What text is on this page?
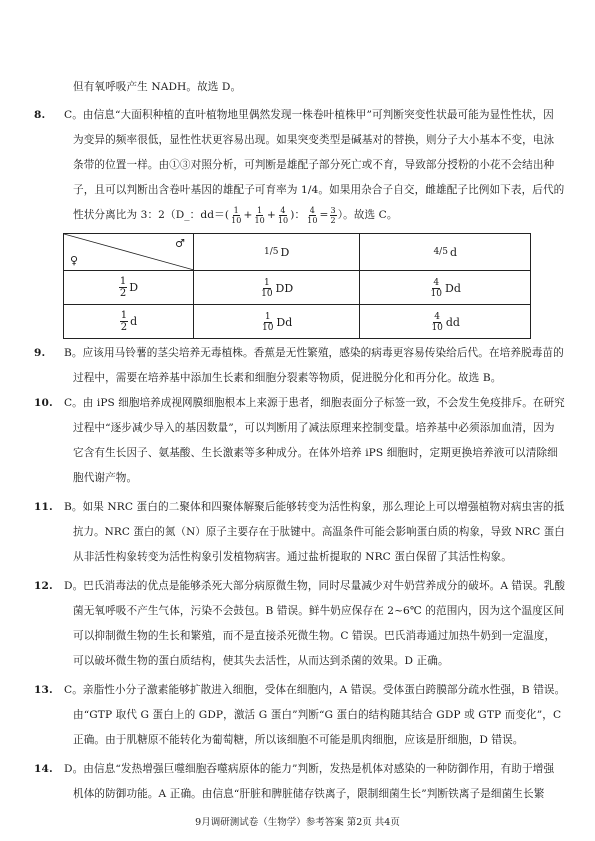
但有氧呼吸产生 NADH。故选 D。
8. C。由信息“大面积种植的直叶植物地里偶然发现一株卷叶植株甲”可判断突变性状最可能为显性性状，因
为变异的频率很低，显性性状更容易出现。如果突变类型是碱基对的替换，则分子大小基本不变，电泳
条带的位置一样。由①③对照分析，可判断是雄配子部分死亡或不育，导致部分授粉的小花不会结出种
子，且可以判断出含卷叶基因的雄配子可育率为 1/4。如果用杂合子自交，雌雄配子比例如下表，后代的
性状分离比为 3：2（D_：$dd=( \frac{1}{10} + \frac{1}{10} + \frac{4}{10}$ )： $\frac{4}{10} = \frac{3}{2}$ ）。故选 C。
♂
♀	1/5 D	4/5 d

$\frac{1}{2}$ D	$\frac{1}{10}$ DD	$\frac{4}{10}$ Dd

$\frac{1}{2}$ d	$\frac{1}{10}$ Dd	$\frac{4}{10}$ dd
9. B。应该用马铃薯的茎尖培养无毒植株。香蕉是无性繁殖，感染的病毒更容易传染给后代。在培养脱毒苗的
过程中，需要在培养基中添加生长素和细胞分裂素等物质，促进脱分化和再分化。故选 B。
10. C。由 iPS 细胞培养成视网膜细胞根本上来源于患者，细胞表面分子标签一致，不会发生免疫排斥。在研究
过程中“逐步减少导入的基因数量”，可以判断用了减法原理来控制变量。培养基中必须添加血清，因为
它含有生长因子、氨基酸、生长激素等多种成分。在体外培养 iPS 细胞时，定期更换培养液可以清除细
胞代谢产物。
11. B。如果 NRC 蛋白的二聚体和四聚体解聚后能够转变为活性构象，那么理论上可以增强植物对病虫害的抵
抗力。NRC 蛋白的氮（N）原子主要存在于肽键中。高温条件可能会影响蛋白质的构象，导致 NRC 蛋白
从非活性构象转变为活性构象引发植物病害。通过盐析提取的 NRC 蛋白保留了其活性构象。
12. D。巴氏消毒法的优点是能够杀死大部分病原微生物，同时尽量减少对牛奶营养成分的破坏。A 错误。乳酸
菌无氧呼吸不产生气体，污染不会鼓包。B 错误。鲜牛奶应保存在 2~6℃ 的范围内，因为这个温度区间
可以抑制微生物的生长和繁殖，而不是直接杀死微生物。C 错误。巴氏消毒通过加热牛奶到一定温度，
可以破坏微生物的蛋白质结构，使其失去活性，从而达到杀菌的效果。D 正确。
13. C。亲脂性小分子激素能够扩散进入细胞，受体在细胞内，A 错误。受体蛋白跨膜部分疏水性强，B 错误。
由“GTP 取代 G 蛋白上的 GDP，激活 G 蛋白”判断“G 蛋白的结构随其结合 GDP 或 GTP 而变化”，C
正确。由于肌糖原不能转化为葡萄糖，所以该细胞不可能是肌肉细胞，应该是肝细胞，D 错误。
14. D。由信息“发热增强巨噬细胞吞噬病原体的能力”判断，发热是机体对感染的一种防御作用，有助于增强
机体的防御功能。A 正确。由信息“肝脏和脾脏储存铁离子，限制细菌生长”判断铁离子是细菌生长繁
9月调研测试卷（生物学）参考答案 第2页 共4页
